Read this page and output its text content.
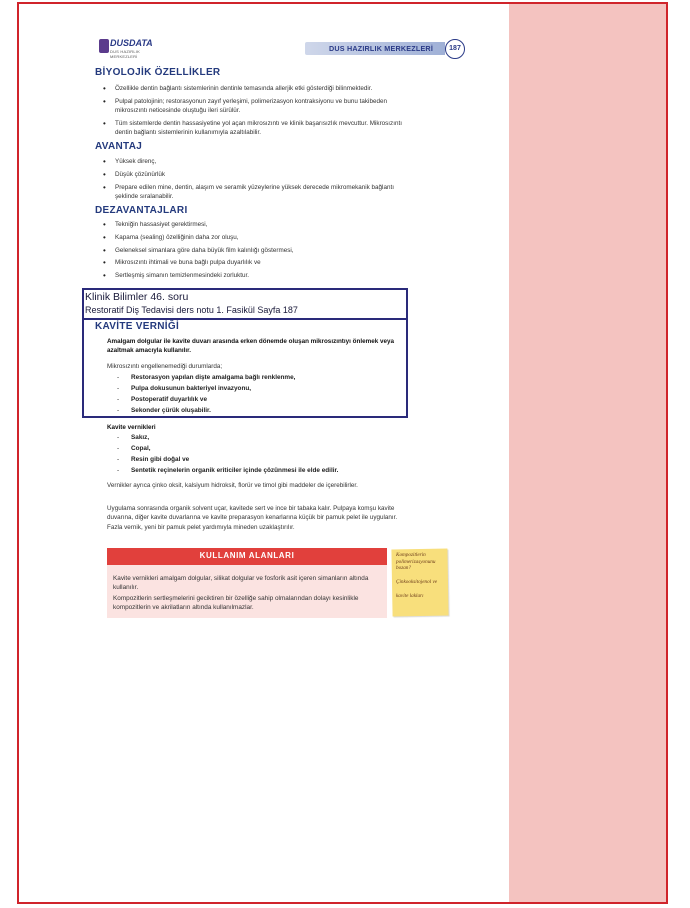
DUSDATA
DUS HAZIRLIK MERKEZLERİ
DUS HAZIRLIK MERKEZLERİ	187
BİYOLOJİK ÖZELLİKLER
• Özellikle dentin bağlantı sistemlerinin dentinle temasında allerjik etki gösterdiği bilinmektedir.
• Pulpal patolojinin; restorasyonun zayıf yerleşimi, polimerizasyon kontraksiyonu ve bunu takibeden mikrosızıntı neticesinde oluştuğu ileri sürülür.
• Tüm sistemlerde dentin hassasiyetine yol açan mikrosızıntı ve klinik başarısızlık mevcuttur. Mikrosızıntı dentin bağlantı sistemlerinin kullanımıyla azaltılabilir.
AVANTAJ
• Yüksek direnç,
• Düşük çözünürlük
• Prepare edilen mine, dentin, alaşım ve seramik yüzeylerine yüksek derecede mikromekanik bağlantı şeklinde sıralanabilir.
DEZAVANTAJLARI
• Tekniğin hassasiyet gerektirmesi,
• Kapama (sealing) özelliğinin daha zor oluşu,
• Geleneksel simanlara göre daha büyük film kalınlığı göstermesi,
• Mikrosızıntı ihtimali ve buna bağlı pulpa duyarlılık ve
• Sertleşmiş simanın temizlenmesindeki zorluktur.
KAVİTE VERNİĞİ
Amalgam dolgular ile kavite duvarı arasında erken dönemde oluşan mikrosızıntıyı önlemek veya azaltmak amacıyla kullanılır.
Mikrosızıntı engellenemediği durumlarda;
- Restorasyon yapılan dişte amalgama bağlı renklenme,
- Pulpa dokusunun bakteriyel invazyonu,
- Postoperatif duyarlılık ve
- Sekonder çürük oluşabilir.
Kavite vernikleri
- Sakız,
- Copal,
- Resin gibi doğal ve
- Sentetik reçinelerin organik eriticiler içinde çözünmesi ile elde edilir.
Vernikler ayrıca çinko oksit, kalsiyum hidroksit, florür ve timol gibi maddeler de içerebilirler.
Uygulama sonrasında organik solvent uçar, kavitede sert ve ince bir tabaka kalır. Pulpaya komşu kavite duvarına, diğer kavite duvarlarına ve kavite preparasyon kenarlarına küçük bir pamuk pelet ile uygulanır. Fazla vernik, yeni bir pamuk pelet yardımıyla mineden uzaklaştırılır.
KULLANIM ALANLARI
Kavite vernikleri amalgam dolgular, silikat dolgular ve fosforik asit içeren simanların altında kullanılır.
Kompozitlerin sertleşmelerini geciktiren bir özelliğe sahip olmalarından dolayı kesinlikle kompozitlerin ve akrilatların altında kullanılmazlar.
Kompozitlerin polimerizasyonunu bozan?
Çinkooksitojenol ve
kavite lakları
Klinik Bilimler 46. soru
Restoratif Diş Tedavisi ders notu 1. Fasikül Sayfa 187
